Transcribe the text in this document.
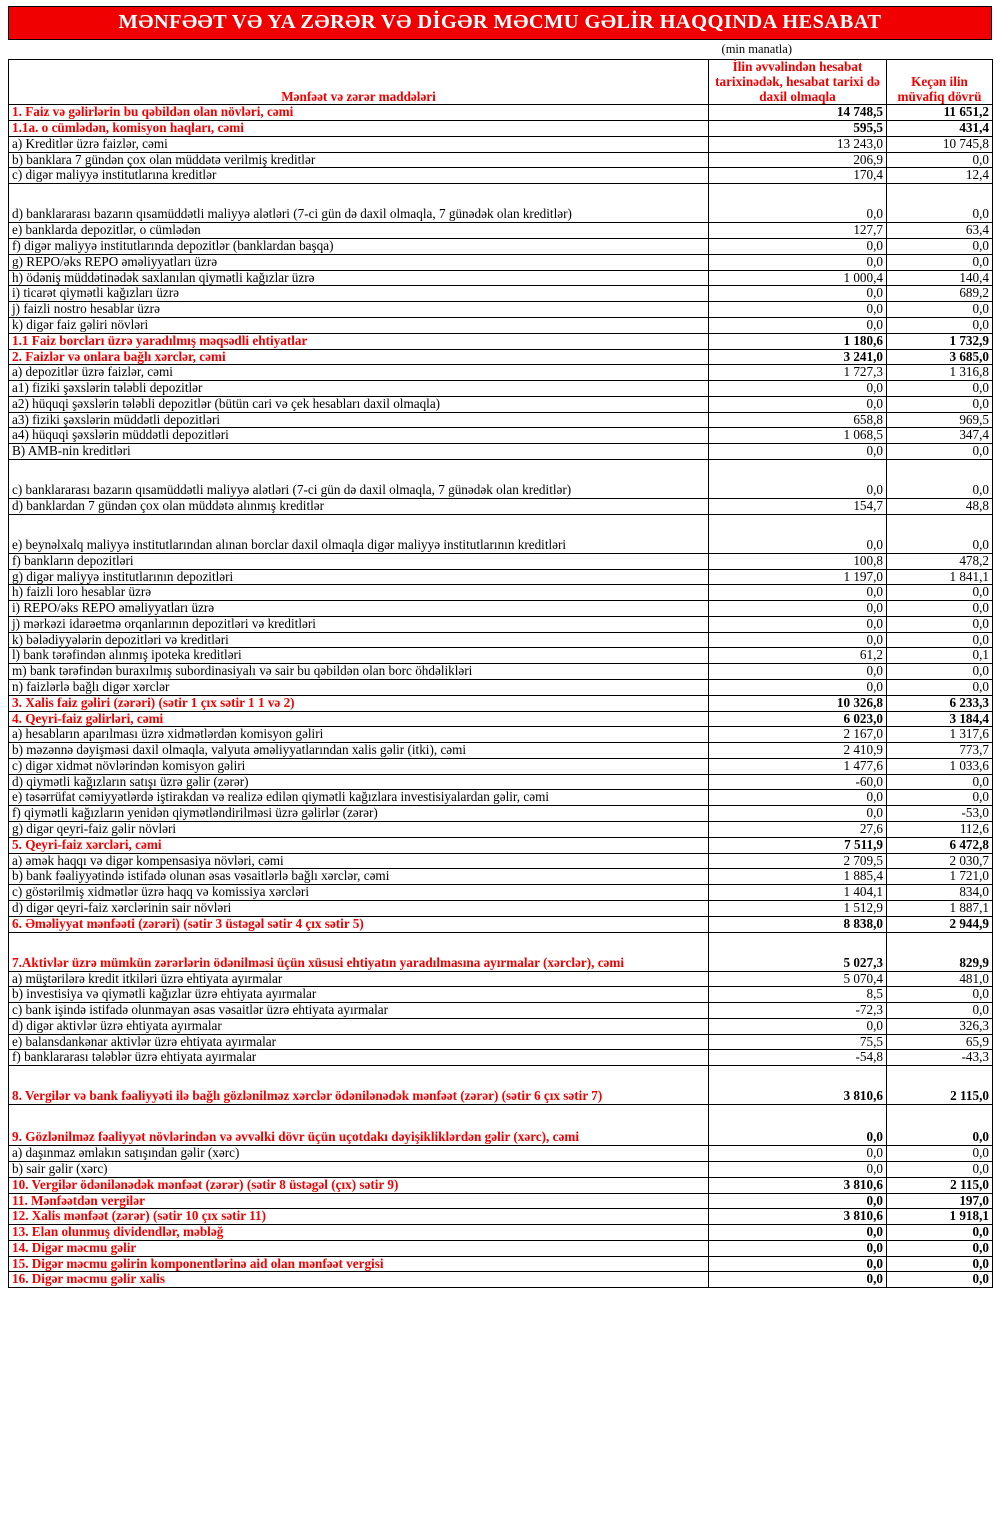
MƏNFƏƏT VƏ YA ZƏRƏR VƏ DİGƏR MƏCMU GƏLİR HAQQINDA HESABAT
(min manatla)
Mənfəət və zərər maddələri	İlin əvvəlindən hesabat tarixinədək, hesabat tarixi də daxil olmaqla	Keçən ilin müvafiq dövrü
1. Faiz və gəlirlərin bu qəbildən olan növləri, cəmi	14 748,5	11 651,2
1.1a. o cümlədən, komisyon haqları, cəmi	595,5	431,4
a) Kreditlər üzrə faizlər, cəmi	13 243,0	10 745,8
b) banklara 7 gündən çox olan müddətə verilmiş kreditlər	206,9	0,0
c) digər maliyyə institutlarına kreditlər	170,4	12,4
d) banklararası bazarın qısamüddətli maliyyə alətləri (7-ci gün də daxil olmaqla, 7 günədək olan kreditlər)	0,0	0,0
e) banklarda depozitlər, o cümlədən	127,7	63,4
f) digər maliyyə institutlarında depozitlər (banklardan başqa)	0,0	0,0
g) REPO/əks REPO əməliyyatları üzrə	0,0	0,0
h) ödəniş müddətinədək saxlanılan qiymətli kağızlar üzrə	1 000,4	140,4
i) ticarət qiymətli kağızları üzrə	0,0	689,2
j) faizli nostro hesablar üzrə	0,0	0,0
k) digər faiz gəliri növləri	0,0	0,0
1.1 Faiz borcları üzrə yaradılmış məqsədli ehtiyatlar	1 180,6	1 732,9
2. Faizlər və onlara bağlı xərclər, cəmi	3 241,0	3 685,0
a) depozitlər üzrə faizlər, cəmi	1 727,3	1 316,8
a1) fiziki şəxslərin tələbli depozitlər	0,0	0,0
a2) hüquqi şəxslərin tələbli depozitlər (bütün cari və çek hesabları daxil olmaqla)	0,0	0,0
a3) fiziki şəxslərin müddətli depozitləri	658,8	969,5
a4) hüquqi şəxslərin müddətli depozitləri	1 068,5	347,4
B) AMB-nin kreditləri	0,0	0,0
c) banklararası bazarın qısamüddətli maliyyə alətləri (7-ci gün də daxil olmaqla, 7 günədək olan kreditlər)	0,0	0,0
d) banklardan 7 gündən çox olan müddətə alınmış kreditlər	154,7	48,8
e) beynəlxalq maliyyə institutlarından alınan borclar daxil olmaqla digər maliyyə institutlarının kreditləri	0,0	0,0
f) bankların depozitləri	100,8	478,2
g) digər maliyyə institutlarının depozitləri	1 197,0	1 841,1
h) faizli loro hesablar üzrə	0,0	0,0
i) REPO/əks REPO əməliyyatları üzrə	0,0	0,0
j) mərkəzi idarəetmə orqanlarının depozitləri və kreditləri	0,0	0,0
k) bələdiyyələrin depozitləri və kreditləri	0,0	0,0
l) bank tərəfindən alınmış ipoteka kreditləri	61,2	0,1
m) bank tərəfindən buraxılmış subordinasiyalı və sair bu qəbildən olan borc öhdəlikləri	0,0	0,0
n) faizlərlə bağlı digər xərclər	0,0	0,0
3. Xalis faiz gəliri (zərəri) (sətir 1 çıx sətir 1 1 və 2)	10 326,8	6 233,3
4. Qeyri-faiz gəlirləri, cəmi	6 023,0	3 184,4
a) hesabların aparılması üzrə xidmətlərdən komisyon gəliri	2 167,0	1 317,6
b) məzənnə dəyişməsi daxil olmaqla, valyuta əməliyyatlarından xalis gəlir (itki), cəmi	2 410,9	773,7
c) digər xidmət növlərindən komisyon gəliri	1 477,6	1 033,6
d) qiymətli kağızların satışı üzrə gəlir (zərər)	-60,0	0,0
e) təsərrüfat cəmiyyətlərdə iştirakdan və realizə edilən qiymətli kağızlara investisiyalardan gəlir, cəmi	0,0	0,0
f) qiymətli kağızların yenidən qiymətləndirilməsi üzrə gəlirlər (zərər)	0,0	-53,0
g) digər qeyri-faiz gəlir növləri	27,6	112,6
5. Qeyri-faiz xərcləri, cəmi	7 511,9	6 472,8
a) əmək haqqı və digər kompensasiya növləri, cəmi	2 709,5	2 030,7
b) bank fəaliyyətində istifadə olunan əsas vəsaitlərlə bağlı xərclər, cəmi	1 885,4	1 721,0
c) göstərilmiş xidmətlər üzrə haqq və komissiya xərcləri	1 404,1	834,0
d) digər qeyri-faiz xərclərinin sair növləri	1 512,9	1 887,1
6. Əməliyyat mənfəəti (zərəri) (sətir 3 üstəgəl sətir 4 çıx sətir 5)	8 838,0	2 944,9
7.Aktivlər üzrə mümkün zərərlərin ödənilməsi üçün xüsusi ehtiyatın yaradılmasına ayırmalar (xərclər), cəmi	5 027,3	829,9
a) müştərilərə kredit itkiləri üzrə ehtiyata ayırmalar	5 070,4	481,0
b) investisiya və qiymətli kağızlar üzrə ehtiyata ayırmalar	8,5	0,0
c) bank işində istifadə olunmayan əsas vəsaitlər üzrə ehtiyata ayırmalar	-72,3	0,0
d) digər aktivlər üzrə ehtiyata ayırmalar	0,0	326,3
e) balansdankənar aktivlər üzrə ehtiyata ayırmalar	75,5	65,9
f) banklararası tələblər üzrə ehtiyata ayırmalar	-54,8	-43,3
8. Vergilər və bank fəaliyyəti ilə bağlı gözlənilməz xərclər ödənilənədək mənfəət (zərər) (sətir 6 çıx sətir 7)	3 810,6	2 115,0
9. Gözlənilməz fəaliyyət növlərindən və əvvəlki dövr üçün uçotdakı dəyişikliklərdən gəlir (xərc), cəmi	0,0	0,0
a) daşınmaz əmlakın satışından gəlir (xərc)	0,0	0,0
b) sair gəlir (xərc)	0,0	0,0
10. Vergilər ödənilənədək mənfəət (zərər) (sətir 8 üstəgəl (çıx) sətir 9)	3 810,6	2 115,0
11. Mənfəətdən vergilər	0,0	197,0
12. Xalis mənfəət (zərər) (sətir 10 çıx sətir 11)	3 810,6	1 918,1
13. Elan olunmuş dividendlər, məbləğ	0,0	0,0
14. Digər məcmu gəlir	0,0	0,0
15. Digər məcmu gəlirin komponentlərinə aid olan mənfəət vergisi	0,0	0,0
16. Digər məcmu gəlir xalis	0,0	0,0
